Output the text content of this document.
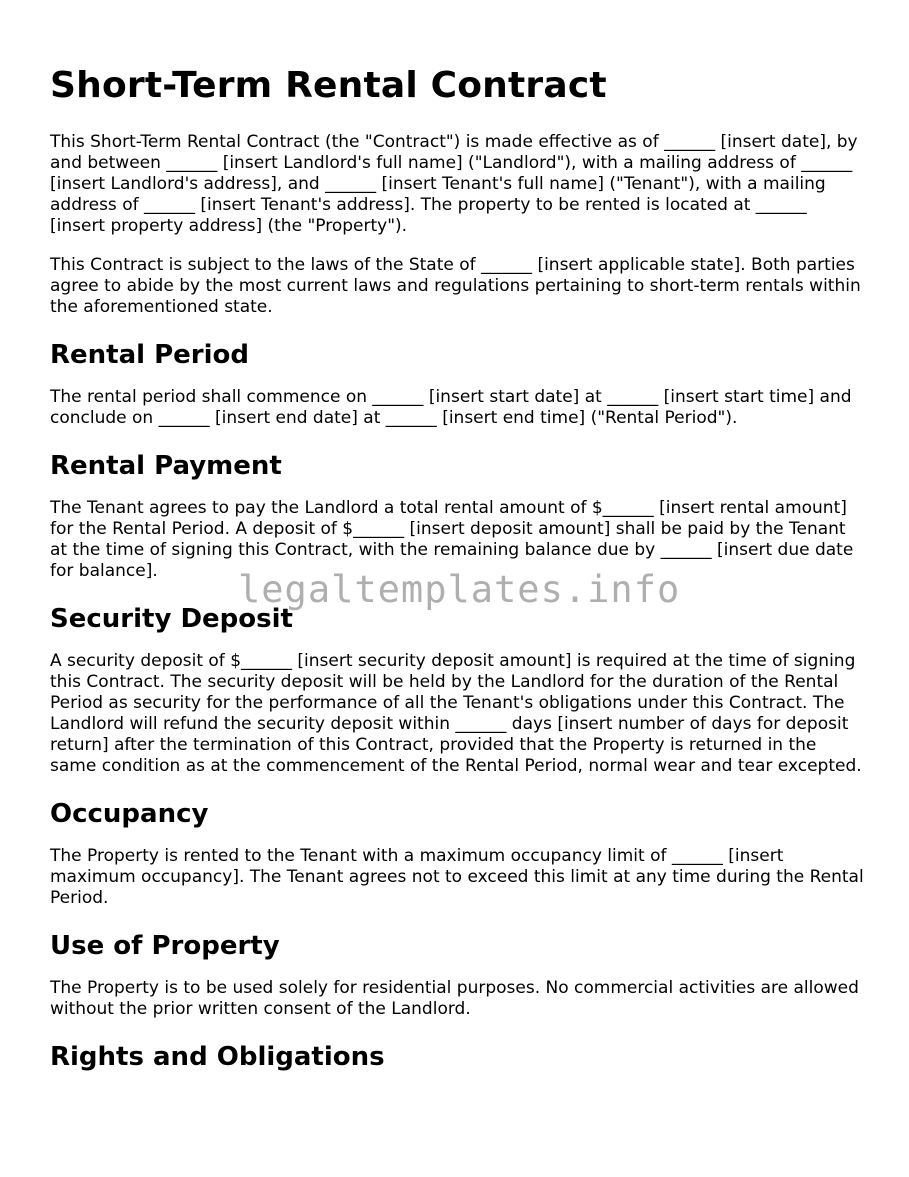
Short-Term Rental Contract

This Short-Term Rental Contract (the "Contract") is made effective as of ______ [insert date], by and between ______ [insert Landlord's full name] ("Landlord"), with a mailing address of ______ [insert Landlord's address], and ______ [insert Tenant's full name] ("Tenant"), with a mailing address of ______ [insert Tenant's address]. The property to be rented is located at ______ [insert property address] (the "Property").

This Contract is subject to the laws of the State of ______ [insert applicable state]. Both parties agree to abide by the most current laws and regulations pertaining to short-term rentals within the aforementioned state.

Rental Period

The rental period shall commence on ______ [insert start date] at ______ [insert start time] and conclude on ______ [insert end date] at ______ [insert end time] ("Rental Period").

Rental Payment

The Tenant agrees to pay the Landlord a total rental amount of $______ [insert rental amount] for the Rental Period. A deposit of $______ [insert deposit amount] shall be paid by the Tenant at the time of signing this Contract, with the remaining balance due by ______ [insert due date for balance].

Security Deposit

A security deposit of $______ [insert security deposit amount] is required at the time of signing this Contract. The security deposit will be held by the Landlord for the duration of the Rental Period as security for the performance of all the Tenant's obligations under this Contract. The Landlord will refund the security deposit within ______ days [insert number of days for deposit return] after the termination of this Contract, provided that the Property is returned in the same condition as at the commencement of the Rental Period, normal wear and tear excepted.

Occupancy

The Property is rented to the Tenant with a maximum occupancy limit of ______ [insert maximum occupancy]. The Tenant agrees not to exceed this limit at any time during the Rental Period.

Use of Property

The Property is to be used solely for residential purposes. No commercial activities are allowed without the prior written consent of the Landlord.

Rights and Obligations
legaltemplates.info
